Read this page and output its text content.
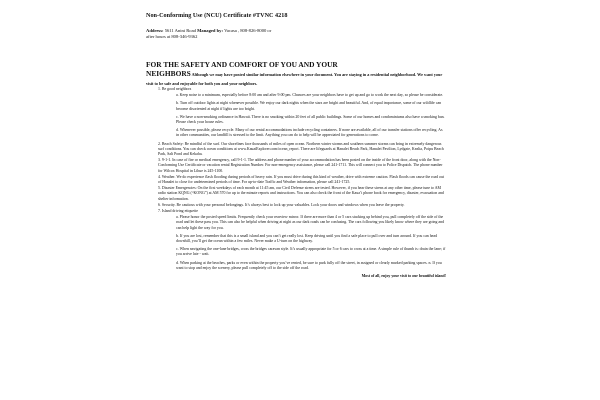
Non-Conforming Use (NCU) Certificate #TVNC 4218
Address: 5611 Anini Road Managed by: Vacasa , 808-826-8000 or
after hours at 808-346-9362

FOR THE SAFETY AND COMFORT OF YOU AND YOUR
NEIGHBORS Although we may have posted similar information elsewhere in your document. You are staying in a residential neighborhood. We want your visit to be safe and enjoyable for both you and your neighbors.

1. Be good neighbors
a. Keep noise to a minimum, especially before 8:00 am and after 9:00 pm. Chances are your neighbors have to get up and go to work the next day, so please be considerate.
b. Turn off outdoor lights at night whenever possible. We enjoy our dark nights when the stars are bright and beautiful. And, of equal importance, some of our wildlife can become disoriented at night if lights are too bright.
c. We have a non-smoking ordinance in Hawaii. There is no smoking within 20 feet of all public buildings. Some of our homes and condominiums also have a smoking ban. Please check your house rules.
d. Whenever possible, please recycle. Many of our rental accommodations include recycling containers. If none are available, all of our transfer stations offer recycling. As in other communities, our landfill is stressed to the limit. Anything you can do to help will be appreciated for generations to come.
2. Beach Safety: Be mindful of the surf. Our shorelines face thousands of miles of open ocean. Northern winter storms and southern summer storms can bring in extremely dangerous surf conditions. You can check ocean conditions at www.KauaiExplorer.com/ocean_report. There are lifeguards at Hanalei Beach Park, Hanalei Pavilion, Lydgate, Kealia, Poipu Beach Park, Salt Pond and Kekaha.
3. 9-1-1. In case of fire or medical emergency, call 9-1-1. The address and phone number of your accommodation has been posted on the inside of the front door, along with the Non-Conforming Use Certificate or vacation rental Registration Number. For non-emergency assistance, please call 241-1711. This will connect you to Police Dispatch. The phone number for Wilcox Hospital in Lihue is 245-1100.
4. Weather. We do experience flash flooding during periods of heavy rain. If you must drive during this kind of weather, drive with extreme caution. Flash floods can cause the road out of Hanalei to close for undetermined periods of time. For up-to-date Traffic and Weather information, please call 241-1725.
5. Disaster Emergencies: On the first weekdays of each month at 11:45 am, our Civil Defense sirens are tested. However, if you hear these sirens at any other time, please tune to AM radio station KQNG (“KONG”) at AM 570 for up to the minute reports and instructions. You can also check the front of the Kaua’i phone book for emergency, disaster, evacuation and shelter information.
6. Security. Be cautious with your personal belongings. It’s always best to lock up your valuables. Lock your doors and windows when you leave the property.
7. Island driving etiquette
a. Please honor the posted speed limits. Frequently check your rearview mirror. If there are more than 4 or 5 cars stacking up behind you, pull completely off the side of the road and let these pass you. This can also be helpful when driving at night as our dark roads can be confusing. The cars following you likely know where they are going and can help light the way for you.
b. If you are lost, remember that this is a small island and you can’t get really lost. Keep driving until you find a safe place to pull over and turn around. If you can head downhill, you’ll get the ocean within a few miles. Never make a U-turn on the highway.
c. When navigating the one-lane bridges, cross the bridges caravan style. It’s usually appropriate for 5 or 6 cars to cross at a time. A simple rule of thumb is: drain the lane; if you arrive late - wait.
d. When parking at the beaches, parks or even within the property you’ve rented, be sure to park fully off the street, in assigned or clearly marked parking spaces. n. If you want to stop and enjoy the scenery, please pull completely off to the side off the road.
Most of all, enjoy your visit to our beautiful island!
